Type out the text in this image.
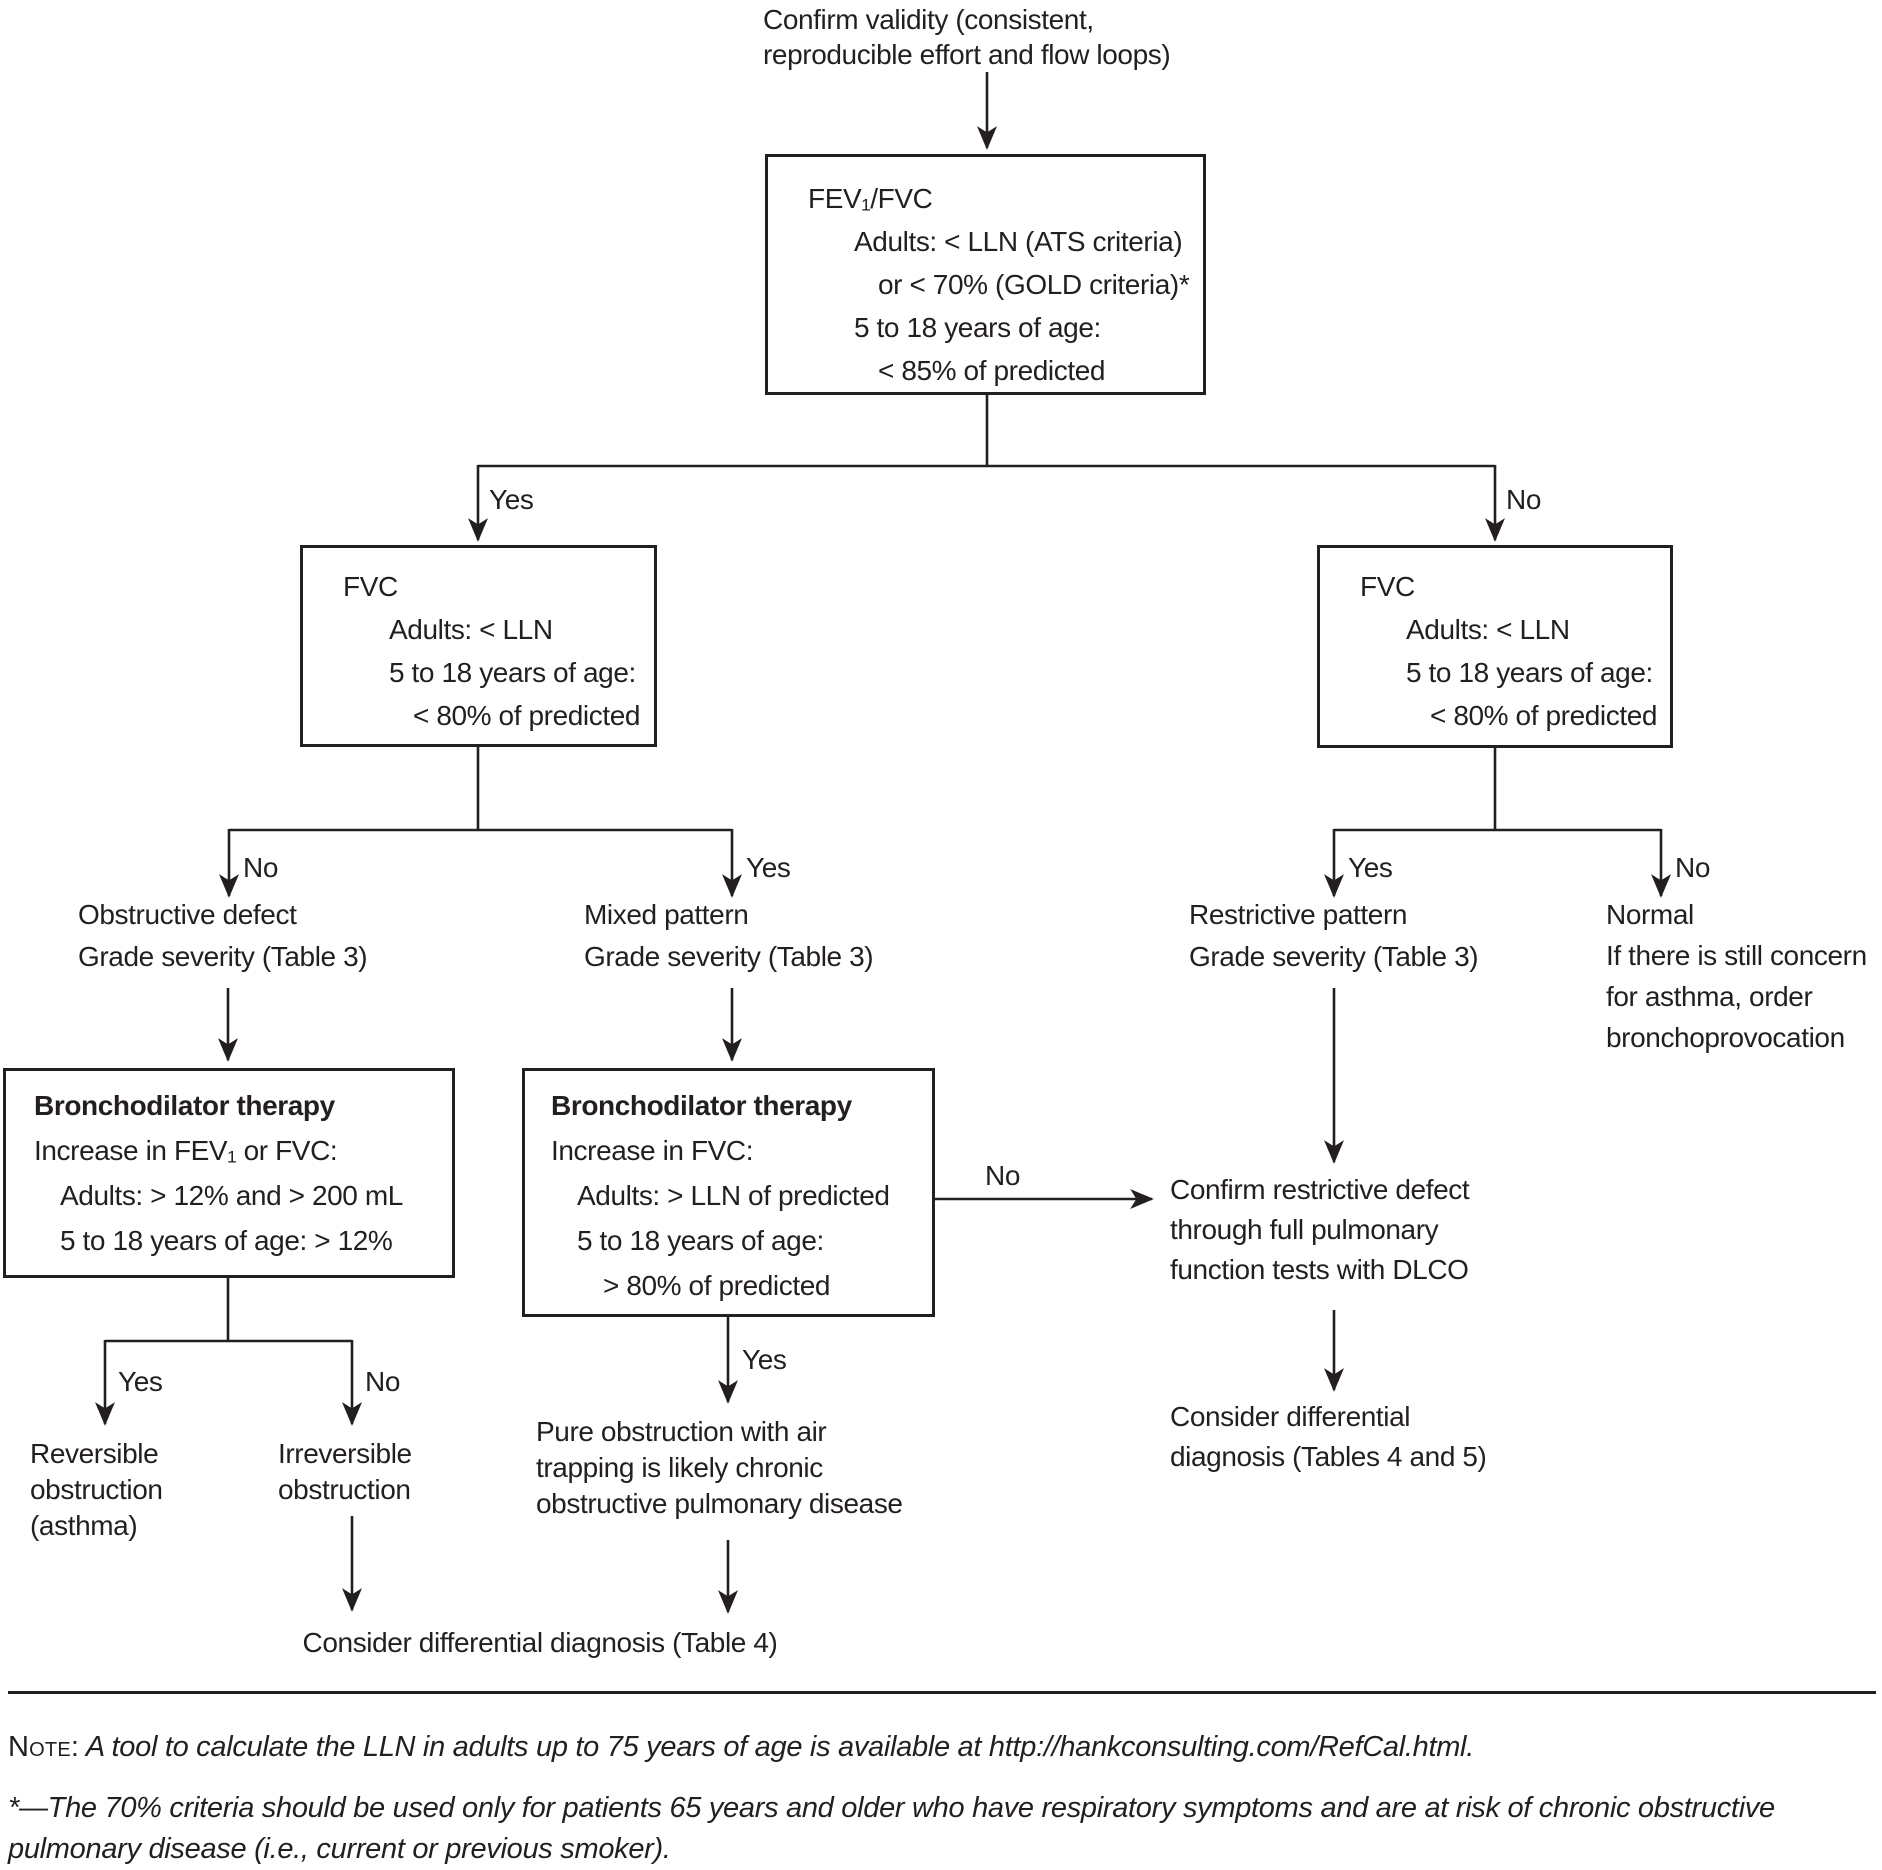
Confirm validity (consistent,
reproducible effort and flow loops)
FEV₁/FVC
Adults: < LLN (ATS criteria)
or < 70% (GOLD criteria)*
5 to 18 years of age:
< 85% of predicted
Yes	No
FVC
Adults: < LLN
5 to 18 years of age:
< 80% of predicted
FVC
Adults: < LLN
5 to 18 years of age:
< 80% of predicted
No	Yes	Yes	No
Obstructive defect
Grade severity (Table 3)
Mixed pattern
Grade severity (Table 3)
Restrictive pattern
Grade severity (Table 3)
Normal
If there is still concern
for asthma, order
bronchoprovocation
Bronchodilator therapy
Increase in FEV₁ or FVC:
Adults: > 12% and > 200 mL
5 to 18 years of age: > 12%
Bronchodilator therapy
Increase in FVC:
Adults: > LLN of predicted
5 to 18 years of age:
> 80% of predicted
No
Yes
Confirm restrictive defect
through full pulmonary
function tests with DLCO
Consider differential
diagnosis (Tables 4 and 5)
Yes	No
Reversible
obstruction
(asthma)
Irreversible
obstruction
Pure obstruction with air
trapping is likely chronic
obstructive pulmonary disease
Consider differential diagnosis (Table 4)
Note: A tool to calculate the LLN in adults up to 75 years of age is available at http://hankconsulting.com/RefCal.html.
*—The 70% criteria should be used only for patients 65 years and older who have respiratory symptoms and are at risk of chronic obstructive
pulmonary disease (i.e., current or previous smoker).
